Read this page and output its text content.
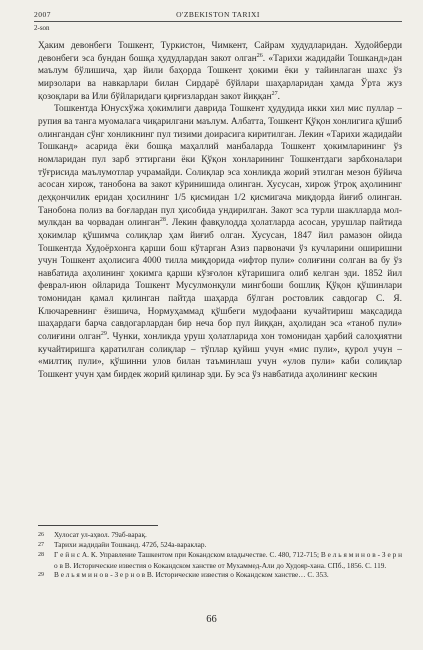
2007	O'ZBEKISTON TARIXI
2-son

Ҳаким девонбеги Тошкент, Туркистон, Чимкент, Сайрам худудларидан. Худойберди девонбеги эса бундан бошқа ҳудудлардан закот олган$^{26}$. «Тарихи жадидайи Тошканд»дан маълум бўлишича, ҳар йили баҳорда Тошкент ҳокими ёки у тайинлаган шахс ўз мирзолари ва навкарлари билан Сирдарё бўйлари шаҳарларидан ҳамда Ўрта жуз қозоқлари ва Или бўйларидаги қирғизлардан закот йиққан$^{27}$.

Тошкентда Юнусхўжа ҳокимлиги даврида Тошкент ҳудудида икки хил мис пуллар – рупия ва танга муомалага чиқарилгани маълум. Албатта, Тошкент Қўқон хонлигига қўшиб олингандан сўнг хонликнинг пул тизими доирасига киритилган. Лекин «Тарихи жадидайи Тошканд» асарида ёки бошқа маҳаллий манбаларда Тошкент ҳокимларининг ўз номларидан пул зарб эттиргани ёки Қўқон хонларининг Тошкентдаги зарбхоналари тўғрисида маълумотлар учрамайди. Солиқлар эса хонликда жорий этилган мезон бўйича асосан хирож, танобона ва закот кўринишида олинган. Хусусан, хирож ўтроқ аҳолининг деҳқончилик еридан ҳосилнинг 1/5 қисмидан 1/2 қисмигача миқдорда йиғиб олинган. Танобона полиз ва боғлардан пул ҳисобида ундирилган. Закот эса турли шаклларда мол-мулкдан ва чорвадан олинган$^{28}$. Лекин фавқулодда ҳолатларда асосан, урушлар пайтида ҳокимлар қўшимча солиқлар ҳам йиғиб олган. Хусусан, 1847 йил рамазон ойида Тошкентда Худоёрхонга қарши бош кўтарган Азиз парвоначи ўз кучларини оширишни учун Тошкент аҳолисига 4000 тилла миқдорида «ифтор пули» солиғини солган ва бу ўз навбатида аҳолининг ҳокимга қарши кўзғолон кўтаришига олиб келган эди. 1852 йил феврал-июн ойларида Тошкент Мусулмонқули мингбоши бошлиқ Қўқон қўшинлари томонидан қамал қилинган пайтда шаҳарда бўлган ростовлик савдогар С. Я. Ключаревнинг ёзишича, Нормуҳаммад қўшбеги мудофаани кучайтириш мақсадида шаҳардаги барча савдогарлардан бир неча бор пул йиққан, аҳолидан эса «таноб пули» солиғини олган$^{29}$. Чунки, хонликда уруш ҳолатларида хон томонидан ҳарбий салоҳиятни кучайтиришга қаратилган солиқлар – тўплар қуйиш учун «мис пули», қурол учун – «милтиқ пули», қўшинни улов билан таъминлаш учун «улов пули» каби солиқлар Тошкент учун ҳам бирдек жорий қилинар эди. Бу эса ўз навбатида аҳолининг кескин

26 Хулосат ул-аҳвол. 79аб-варақ.

27 Тарихи жадидайи Тошканд. 472б, 524а-вараклар.

28 Г е й н с А. К. Управление Ташкентом при Кокандском владычестве. С. 480, 712-715; В е л ь я м и н о в - З е р н о в В. Исторические известия о Кокандском ханстве от Мухаммед-Али до Худояр-хана. СПб., 1856. С. 119.

29 В е л ь я м и н о в - З е р н о в В. Исторические известия о Кокандском ханстве… С. 353.

66
